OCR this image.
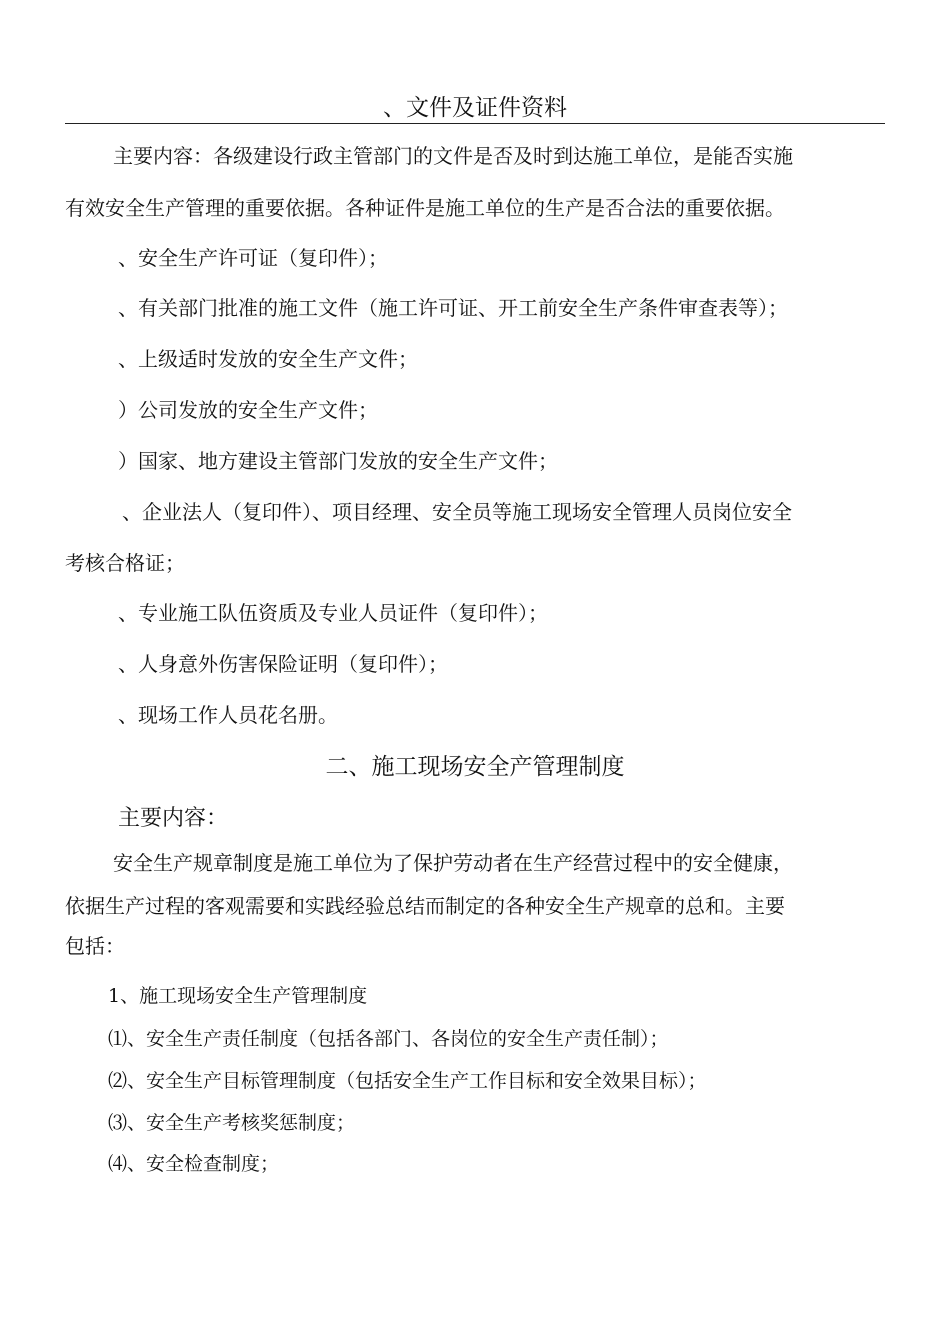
、文件及证件资料
主要内容：各级建设行政主管部门的文件是否及时到达施工单位，是能否实施
有效安全生产管理的重要依据。各种证件是施工单位的生产是否合法的重要依据。
、安全生产许可证（复印件）；
、有关部门批准的施工文件（施工许可证、开工前安全生产条件审查表等）；
、上级适时发放的安全生产文件；
）公司发放的安全生产文件；
）国家、地方建设主管部门发放的安全生产文件；
、企业法人（复印件）、项目经理、安全员等施工现场安全管理人员岗位安全
考核合格证；
、专业施工队伍资质及专业人员证件（复印件）；
、人身意外伤害保险证明（复印件）；
、现场工作人员花名册。
二、施工现场安全产管理制度
主要内容：
安全生产规章制度是施工单位为了保护劳动者在生产经营过程中的安全健康，
依据生产过程的客观需要和实践经验总结而制定的各种安全生产规章的总和。主要
包括：
1、施工现场安全生产管理制度
⑴、安全生产责任制度（包括各部门、各岗位的安全生产责任制）；
⑵、安全生产目标管理制度（包括安全生产工作目标和安全效果目标）；
⑶、安全生产考核奖惩制度；
⑷、安全检查制度；
